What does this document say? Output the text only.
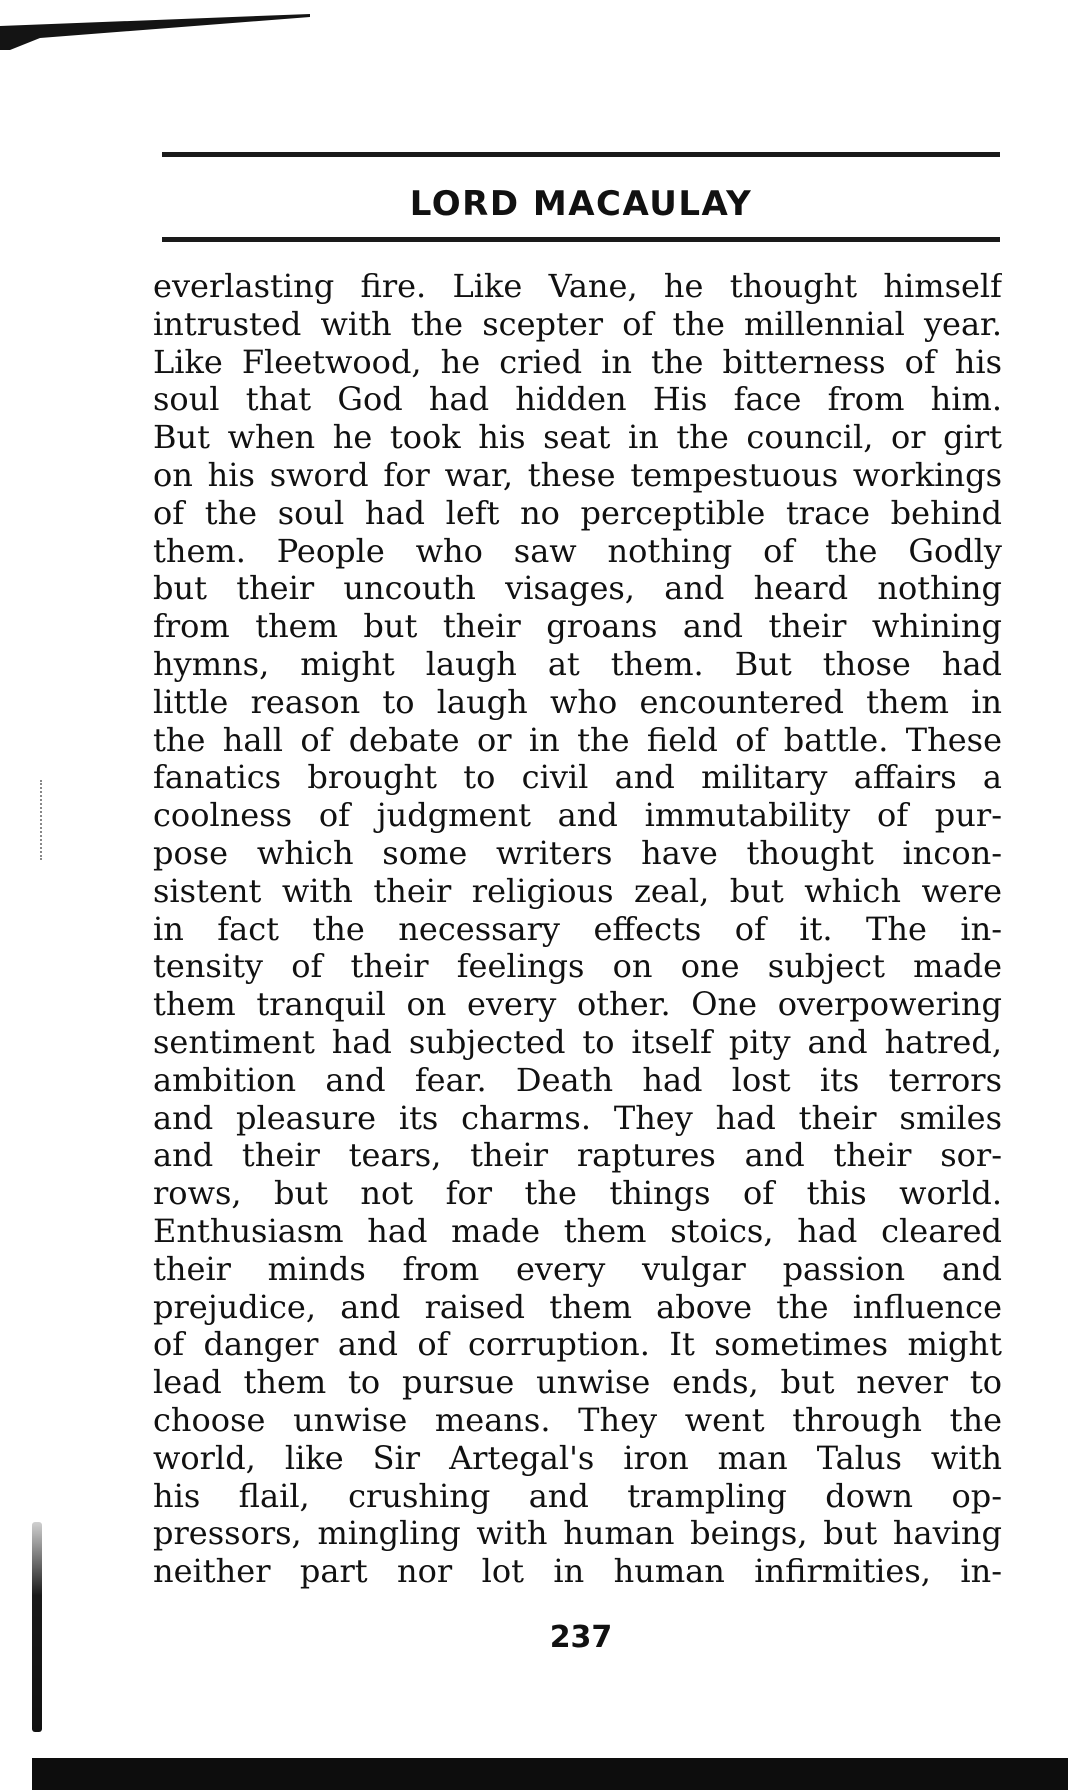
LORD MACAULAY
everlasting fire. Like Vane, he thought himself
intrusted with the scepter of the millennial year.
Like Fleetwood, he cried in the bitterness of his
soul that God had hidden His face from him.
But when he took his seat in the council, or girt
on his sword for war, these tempestuous workings
of the soul had left no perceptible trace behind
them. People who saw nothing of the Godly
but their uncouth visages, and heard nothing
from them but their groans and their whining
hymns, might laugh at them. But those had
little reason to laugh who encountered them in
the hall of debate or in the field of battle. These
fanatics brought to civil and military affairs a
coolness of judgment and immutability of pur-
pose which some writers have thought incon-
sistent with their religious zeal, but which were
in fact the necessary effects of it. The in-
tensity of their feelings on one subject made
them tranquil on every other. One overpowering
sentiment had subjected to itself pity and hatred,
ambition and fear. Death had lost its terrors
and pleasure its charms. They had their smiles
and their tears, their raptures and their sor-
rows, but not for the things of this world.
Enthusiasm had made them stoics, had cleared
their minds from every vulgar passion and
prejudice, and raised them above the influence
of danger and of corruption. It sometimes might
lead them to pursue unwise ends, but never to
choose unwise means. They went through the
world, like Sir Artegal's iron man Talus with
his flail, crushing and trampling down op-
pressors, mingling with human beings, but having
neither part nor lot in human infirmities, in-
237
